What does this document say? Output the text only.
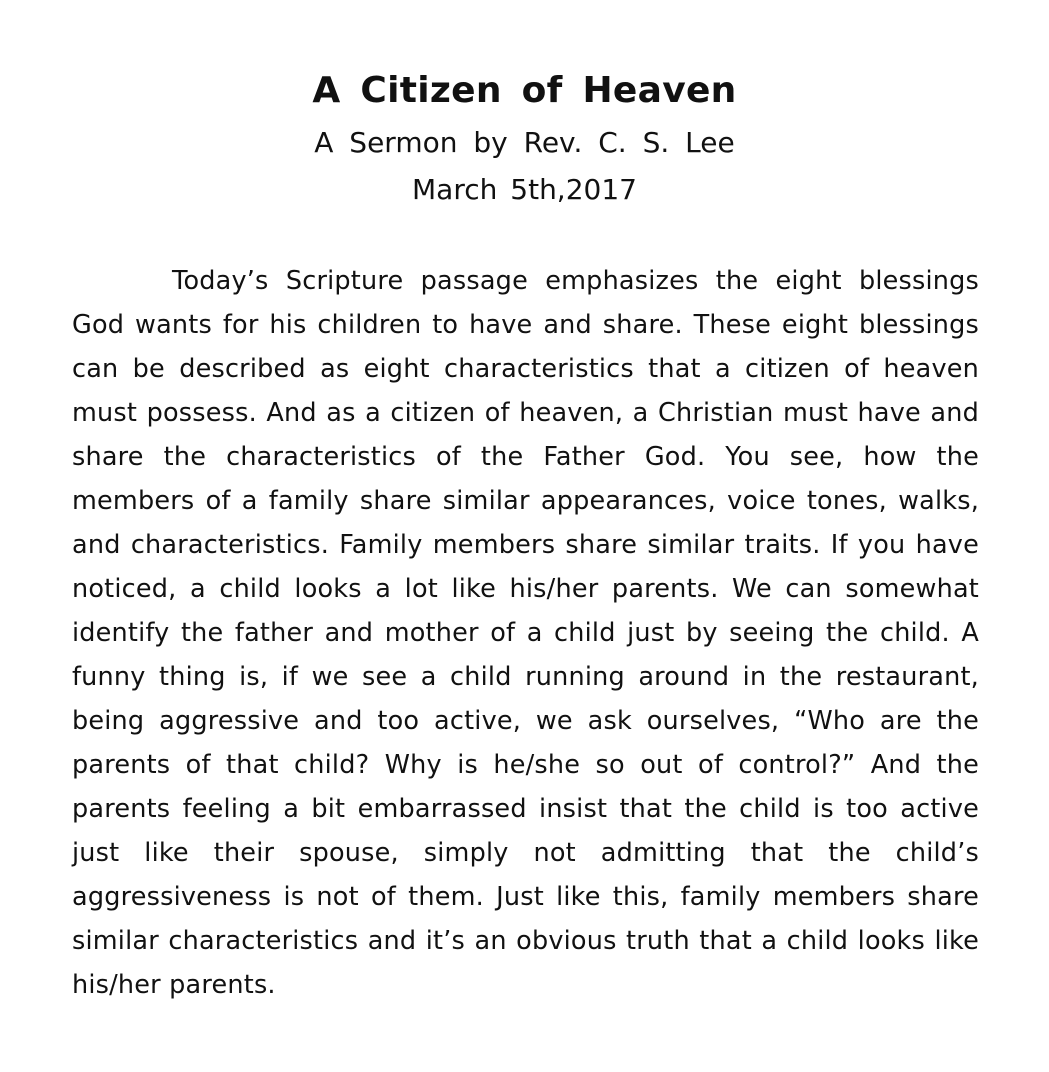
A Citizen of Heaven

A Sermon by Rev. C. S. Lee

March 5th,2017

Today’s Scripture passage emphasizes the eight blessings God wants for his children to have and share. These eight blessings can be described as eight characteristics that a citizen of heaven must possess. And as a citizen of heaven, a Christian must have and share the characteristics of the Father God. You see, how the members of a family share similar appearances, voice tones, walks, and characteristics. Family members share similar traits. If you have noticed, a child looks a lot like his/her parents. We can somewhat identify the father and mother of a child just by seeing the child. A funny thing is, if we see a child running around in the restaurant, being aggressive and too active, we ask ourselves, “Who are the parents of that child? Why is he/she so out of control?” And the parents feeling a bit embarrassed insist that the child is too active just like their spouse, simply not admitting that the child’s aggressiveness is not of them. Just like this, family members share similar characteristics and it’s an obvious truth that a child looks like his/her parents.
